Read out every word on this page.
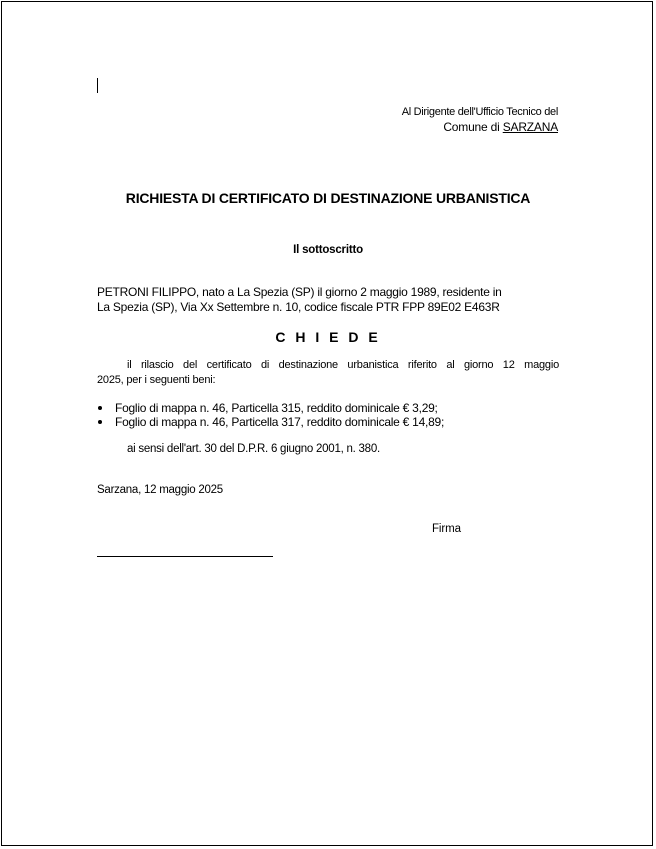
Al Dirigente dell'Ufficio Tecnico del
Comune di SARZANA
RICHIESTA DI CERTIFICATO DI DESTINAZIONE URBANISTICA
Il sottoscritto
PETRONI FILIPPO, nato a La Spezia (SP) il giorno 2 maggio 1989, residente in
La Spezia (SP), Via Xx Settembre n. 10, codice fiscale PTR FPP 89E02 E463R
C H I E D E
il rilascio del certificato di destinazione urbanistica riferito al giorno 12 maggio
2025, per i seguenti beni:
Foglio di mappa n. 46, Particella 315, reddito dominicale € 3,29;
Foglio di mappa n. 46, Particella 317, reddito dominicale € 14,89;
ai sensi dell'art. 30 del D.P.R. 6 giugno 2001, n. 380.
Sarzana, 12 maggio 2025
Firma
